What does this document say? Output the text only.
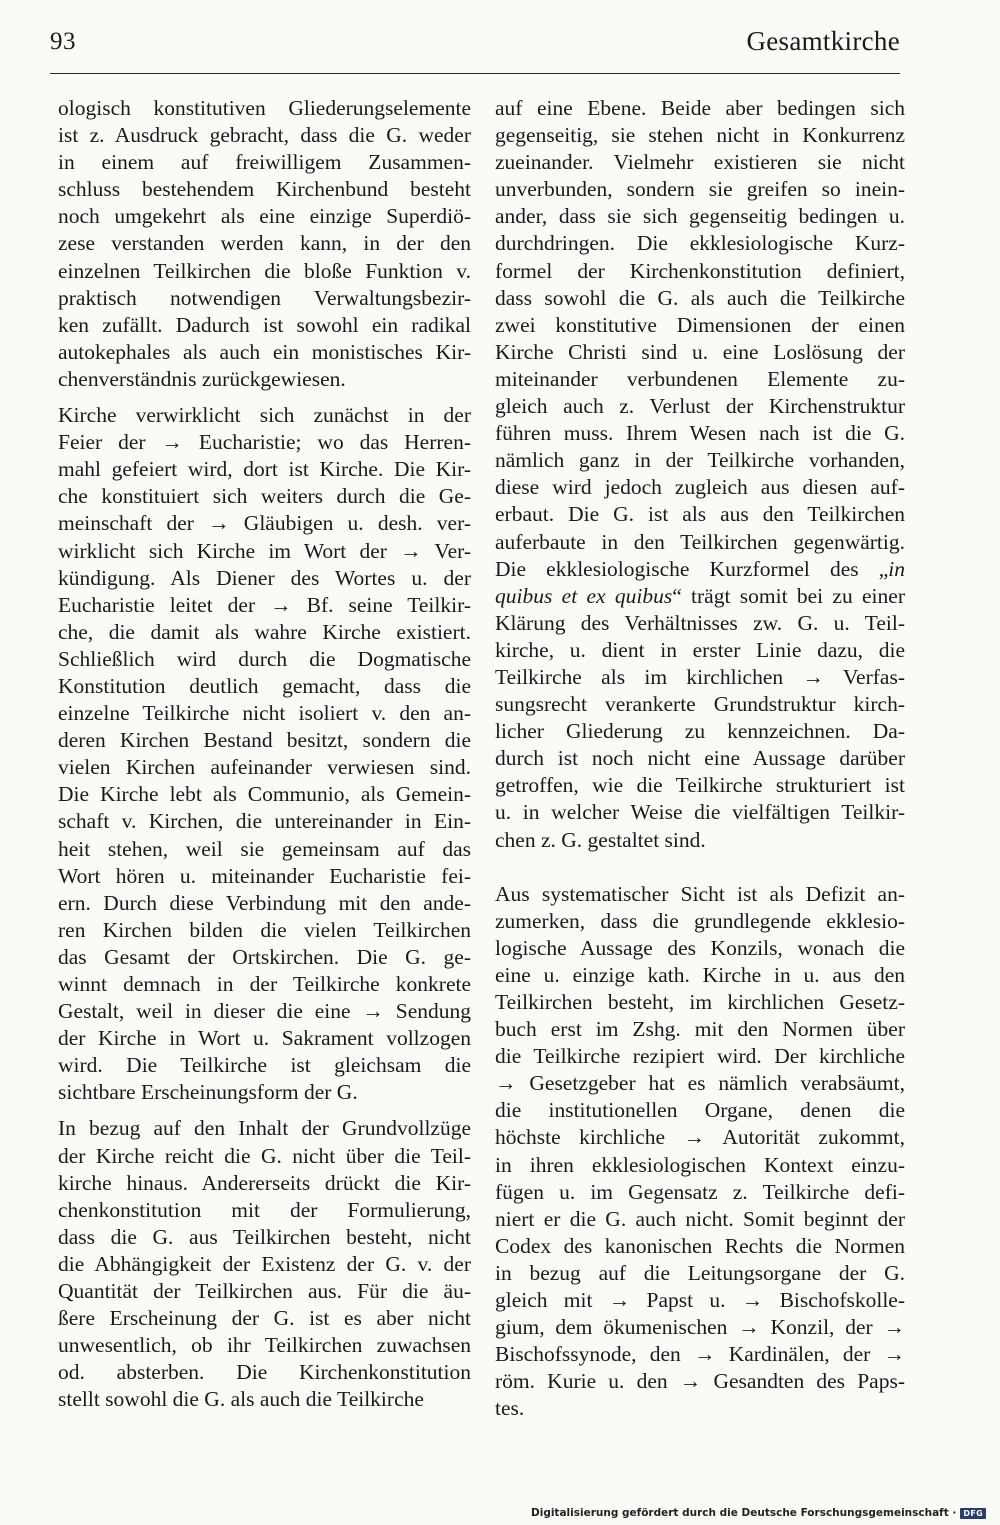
93	Gesamtkirche

ologisch konstitutiven Gliederungselemente
ist z. Ausdruck gebracht, dass die G. weder
in einem auf freiwilligem Zusammen-
schluss bestehendem Kirchenbund besteht
noch umgekehrt als eine einzige Superdiö-
zese verstanden werden kann, in der den
einzelnen Teilkirchen die bloße Funktion v.
praktisch notwendigen Verwaltungsbezir-
ken zufällt. Dadurch ist sowohl ein radikal
autokephales als auch ein monistisches Kir-
chenverständnis zurückgewiesen.

Kirche verwirklicht sich zunächst in der
Feier der → Eucharistie; wo das Herren-
mahl gefeiert wird, dort ist Kirche. Die Kir-
che konstituiert sich weiters durch die Ge-
meinschaft der → Gläubigen u. desh. ver-
wirklicht sich Kirche im Wort der → Ver-
kündigung. Als Diener des Wortes u. der
Eucharistie leitet der → Bf. seine Teilkir-
che, die damit als wahre Kirche existiert.
Schließlich wird durch die Dogmatische
Konstitution deutlich gemacht, dass die
einzelne Teilkirche nicht isoliert v. den an-
deren Kirchen Bestand besitzt, sondern die
vielen Kirchen aufeinander verwiesen sind.
Die Kirche lebt als Communio, als Gemein-
schaft v. Kirchen, die untereinander in Ein-
heit stehen, weil sie gemeinsam auf das
Wort hören u. miteinander Eucharistie fei-
ern. Durch diese Verbindung mit den ande-
ren Kirchen bilden die vielen Teilkirchen
das Gesamt der Ortskirchen. Die G. ge-
winnt demnach in der Teilkirche konkrete
Gestalt, weil in dieser die eine → Sendung
der Kirche in Wort u. Sakrament vollzogen
wird. Die Teilkirche ist gleichsam die
sichtbare Erscheinungsform der G.

In bezug auf den Inhalt der Grundvollzüge
der Kirche reicht die G. nicht über die Teil-
kirche hinaus. Andererseits drückt die Kir-
chenkonstitution mit der Formulierung,
dass die G. aus Teilkirchen besteht, nicht
die Abhängigkeit der Existenz der G. v. der
Quantität der Teilkirchen aus. Für die äu-
ßere Erscheinung der G. ist es aber nicht
unwesentlich, ob ihr Teilkirchen zuwachsen
od. absterben. Die Kirchenkonstitution
stellt sowohl die G. als auch die Teilkirche

auf eine Ebene. Beide aber bedingen sich
gegenseitig, sie stehen nicht in Konkurrenz
zueinander. Vielmehr existieren sie nicht
unverbunden, sondern sie greifen so inein-
ander, dass sie sich gegenseitig bedingen u.
durchdringen. Die ekklesiologische Kurz-
formel der Kirchenkonstitution definiert,
dass sowohl die G. als auch die Teilkirche
zwei konstitutive Dimensionen der einen
Kirche Christi sind u. eine Loslösung der
miteinander verbundenen Elemente zu-
gleich auch z. Verlust der Kirchenstruktur
führen muss. Ihrem Wesen nach ist die G.
nämlich ganz in der Teilkirche vorhanden,
diese wird jedoch zugleich aus diesen auf-
erbaut. Die G. ist als aus den Teilkirchen
auferbaute in den Teilkirchen gegenwärtig.
Die ekklesiologische Kurzformel des „in
quibus et ex quibus“ trägt somit bei zu einer
Klärung des Verhältnisses zw. G. u. Teil-
kirche, u. dient in erster Linie dazu, die
Teilkirche als im kirchlichen → Verfas-
sungsrecht verankerte Grundstruktur kirch-
licher Gliederung zu kennzeichnen. Da-
durch ist noch nicht eine Aussage darüber
getroffen, wie die Teilkirche strukturiert ist
u. in welcher Weise die vielfältigen Teilkir-
chen z. G. gestaltet sind.

Aus systematischer Sicht ist als Defizit an-
zumerken, dass die grundlegende ekklesio-
logische Aussage des Konzils, wonach die
eine u. einzige kath. Kirche in u. aus den
Teilkirchen besteht, im kirchlichen Gesetz-
buch erst im Zshg. mit den Normen über
die Teilkirche rezipiert wird. Der kirchliche
→ Gesetzgeber hat es nämlich verabsäumt,
die institutionellen Organe, denen die
höchste kirchliche → Autorität zukommt,
in ihren ekklesiologischen Kontext einzu-
fügen u. im Gegensatz z. Teilkirche defi-
niert er die G. auch nicht. Somit beginnt der
Codex des kanonischen Rechts die Normen
in bezug auf die Leitungsorgane der G.
gleich mit → Papst u. → Bischofskolle-
gium, dem ökumenischen → Konzil, der →
Bischofssynode, den → Kardinälen, der →
röm. Kurie u. den → Gesandten des Paps-
tes.

Digitalisierung gefördert durch die Deutsche Forschungsgemeinschaft · DFG
